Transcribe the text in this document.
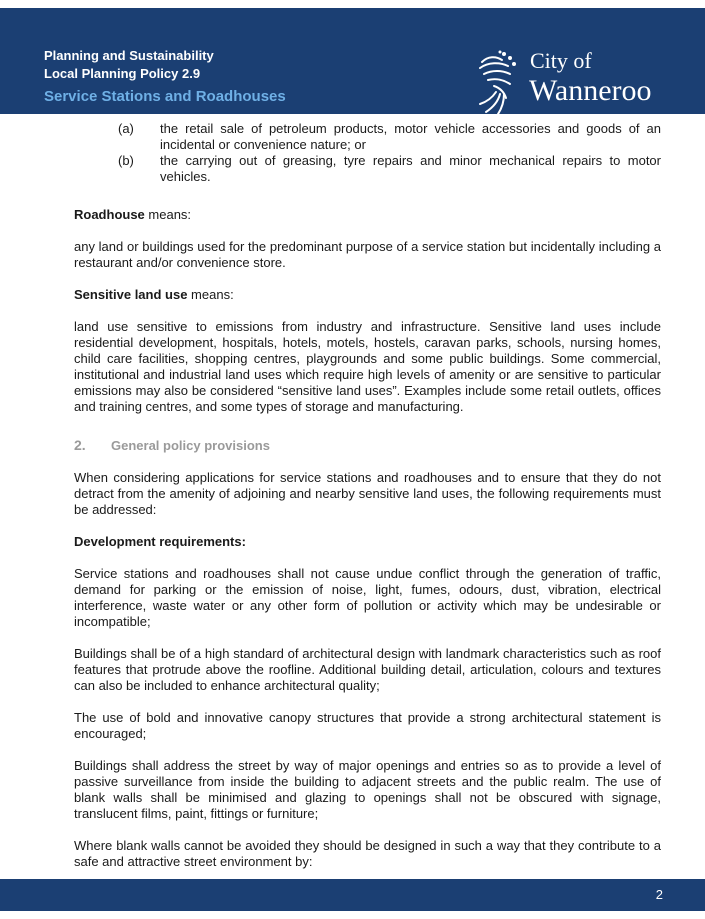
Planning and Sustainability
Local Planning Policy 2.9
Service Stations and Roadhouses
City of
Wanneroo
(a)	the retail sale of petroleum products, motor vehicle accessories and goods of an incidental or convenience nature; or
(b)	the carrying out of greasing, tyre repairs and minor mechanical repairs to motor vehicles.

Roadhouse means:

any land or buildings used for the predominant purpose of a service station but incidentally including a restaurant and/or convenience store.

Sensitive land use means:

land use sensitive to emissions from industry and infrastructure. Sensitive land uses include residential development, hospitals, hotels, motels, hostels, caravan parks, schools, nursing homes, child care facilities, shopping centres, playgrounds and some public buildings. Some commercial, institutional and industrial land uses which require high levels of amenity or are sensitive to particular emissions may also be considered “sensitive land uses”. Examples include some retail outlets, offices and training centres, and some types of storage and manufacturing.

2.	General policy provisions

When considering applications for service stations and roadhouses and to ensure that they do not detract from the amenity of adjoining and nearby sensitive land uses, the following requirements must be addressed:

Development requirements:

Service stations and roadhouses shall not cause undue conflict through the generation of traffic, demand for parking or the emission of noise, light, fumes, odours, dust, vibration, electrical interference, waste water or any other form of pollution or activity which may be undesirable or incompatible;

Buildings shall be of a high standard of architectural design with landmark characteristics such as roof features that protrude above the roofline. Additional building detail, articulation, colours and textures can also be included to enhance architectural quality;

The use of bold and innovative canopy structures that provide a strong architectural statement is encouraged;

Buildings shall address the street by way of major openings and entries so as to provide a level of passive surveillance from inside the building to adjacent streets and the public realm. The use of blank walls shall be minimised and glazing to openings shall not be obscured with signage, translucent films, paint, fittings or furniture;

Where blank walls cannot be avoided they should be designed in such a way that they contribute to a safe and attractive street environment by:

2
